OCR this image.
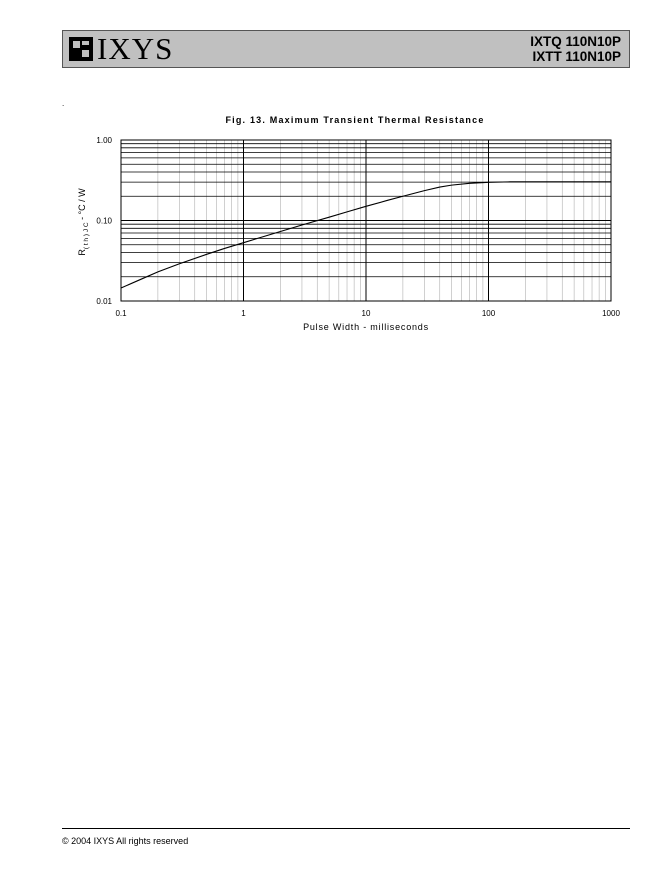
IXYS	IXTQ 110N10P
IXTT 110N10P
.
Fig. 13. Maximum Transient Thermal Resistance
0.1	1	10	100	1000
0.01
0.10
1.00
Pulse Width - milliseconds
$R_{( t h ) J C} - ^\circ C$ / W
© 2004 IXYS All rights reserved
